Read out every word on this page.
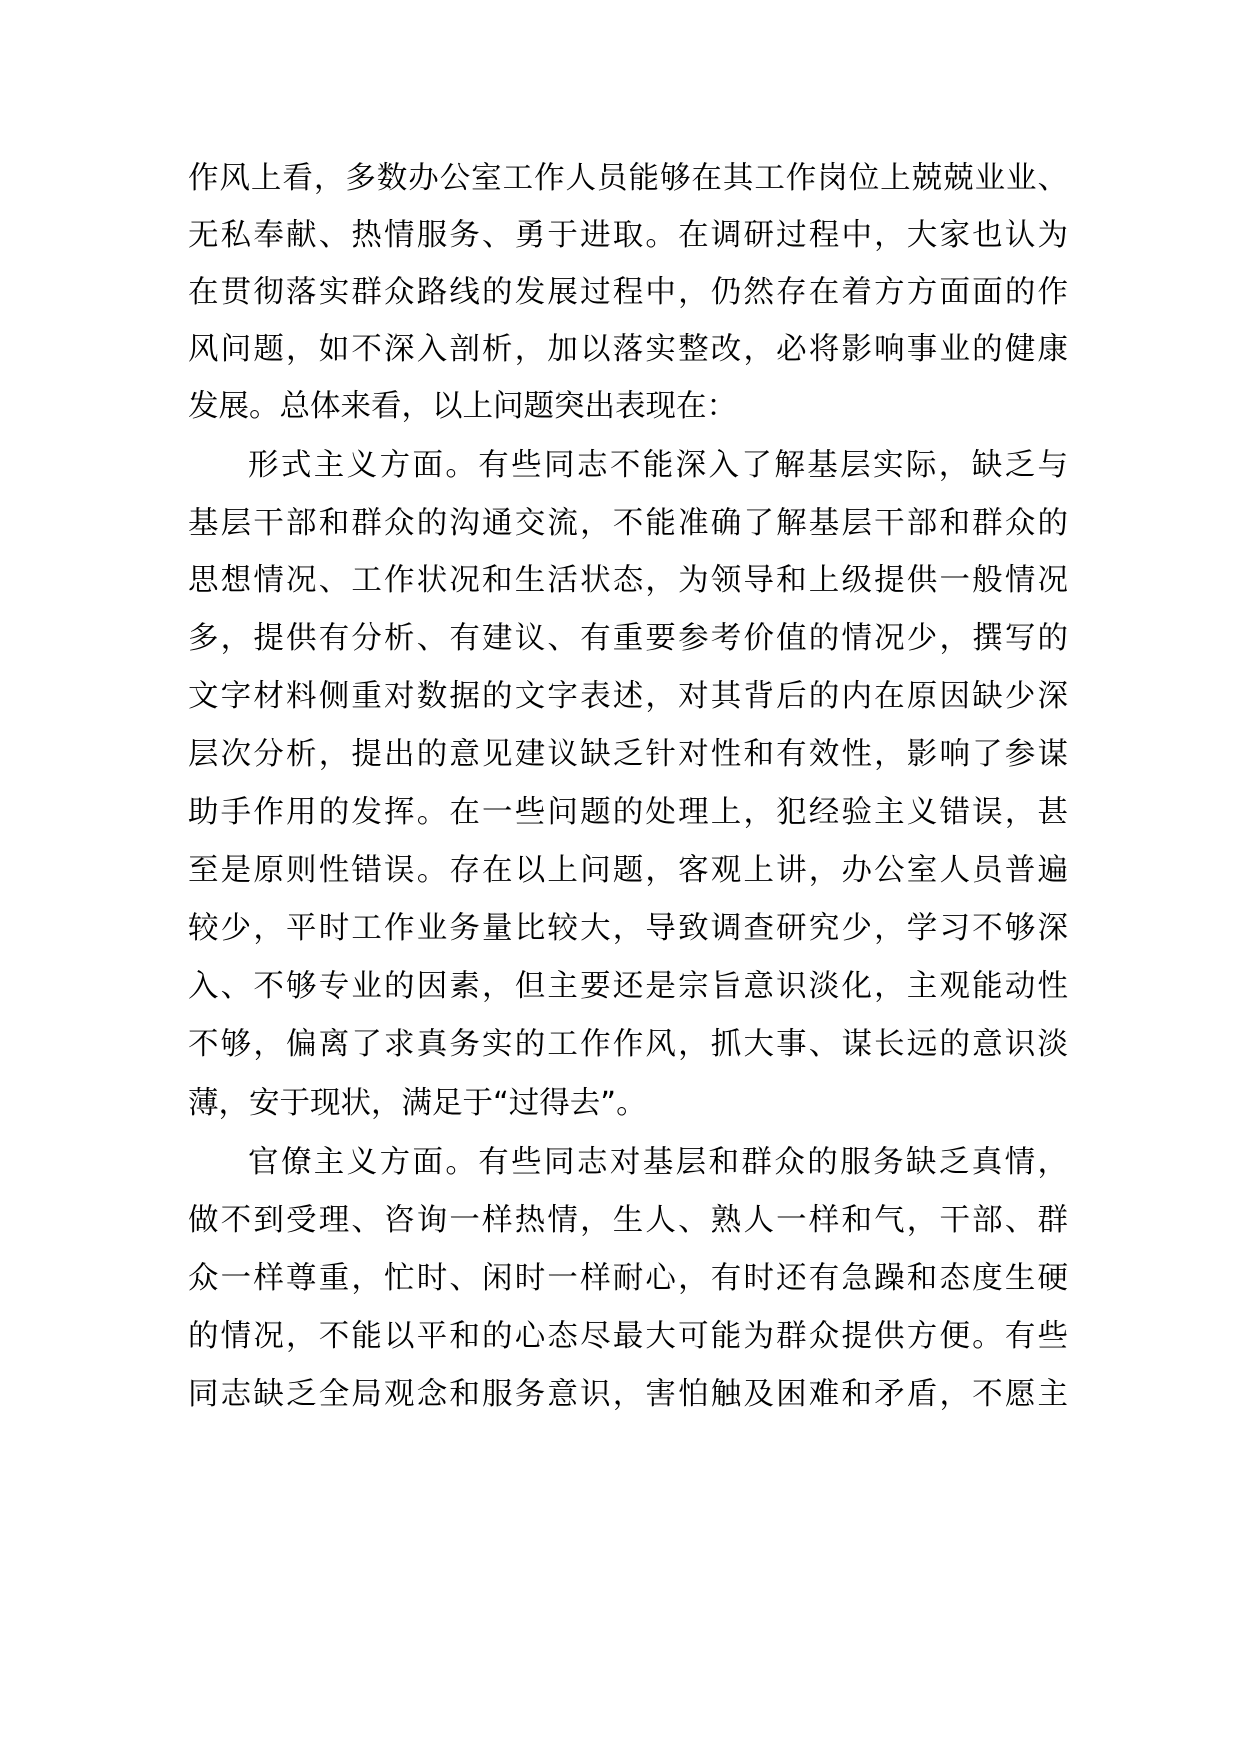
作风上看，多数办公室工作人员能够在其工作岗位上兢兢业业、
无私奉献、热情服务、勇于进取。在调研过程中，大家也认为
在贯彻落实群众路线的发展过程中，仍然存在着方方面面的作
风问题，如不深入剖析，加以落实整改，必将影响事业的健康
发展。总体来看，以上问题突出表现在：
形式主义方面。有些同志不能深入了解基层实际，缺乏与
基层干部和群众的沟通交流，不能准确了解基层干部和群众的
思想情况、工作状况和生活状态，为领导和上级提供一般情况
多，提供有分析、有建议、有重要参考价值的情况少，撰写的
文字材料侧重对数据的文字表述，对其背后的内在原因缺少深
层次分析，提出的意见建议缺乏针对性和有效性，影响了参谋
助手作用的发挥。在一些问题的处理上，犯经验主义错误，甚
至是原则性错误。存在以上问题，客观上讲，办公室人员普遍
较少，平时工作业务量比较大，导致调查研究少，学习不够深
入、不够专业的因素，但主要还是宗旨意识淡化，主观能动性
不够，偏离了求真务实的工作作风，抓大事、谋长远的意识淡
薄，安于现状，满足于“过得去”。
官僚主义方面。有些同志对基层和群众的服务缺乏真情，
做不到受理、咨询一样热情，生人、熟人一样和气，干部、群
众一样尊重，忙时、闲时一样耐心，有时还有急躁和态度生硬
的情况，不能以平和的心态尽最大可能为群众提供方便。有些
同志缺乏全局观念和服务意识，害怕触及困难和矛盾，不愿主
